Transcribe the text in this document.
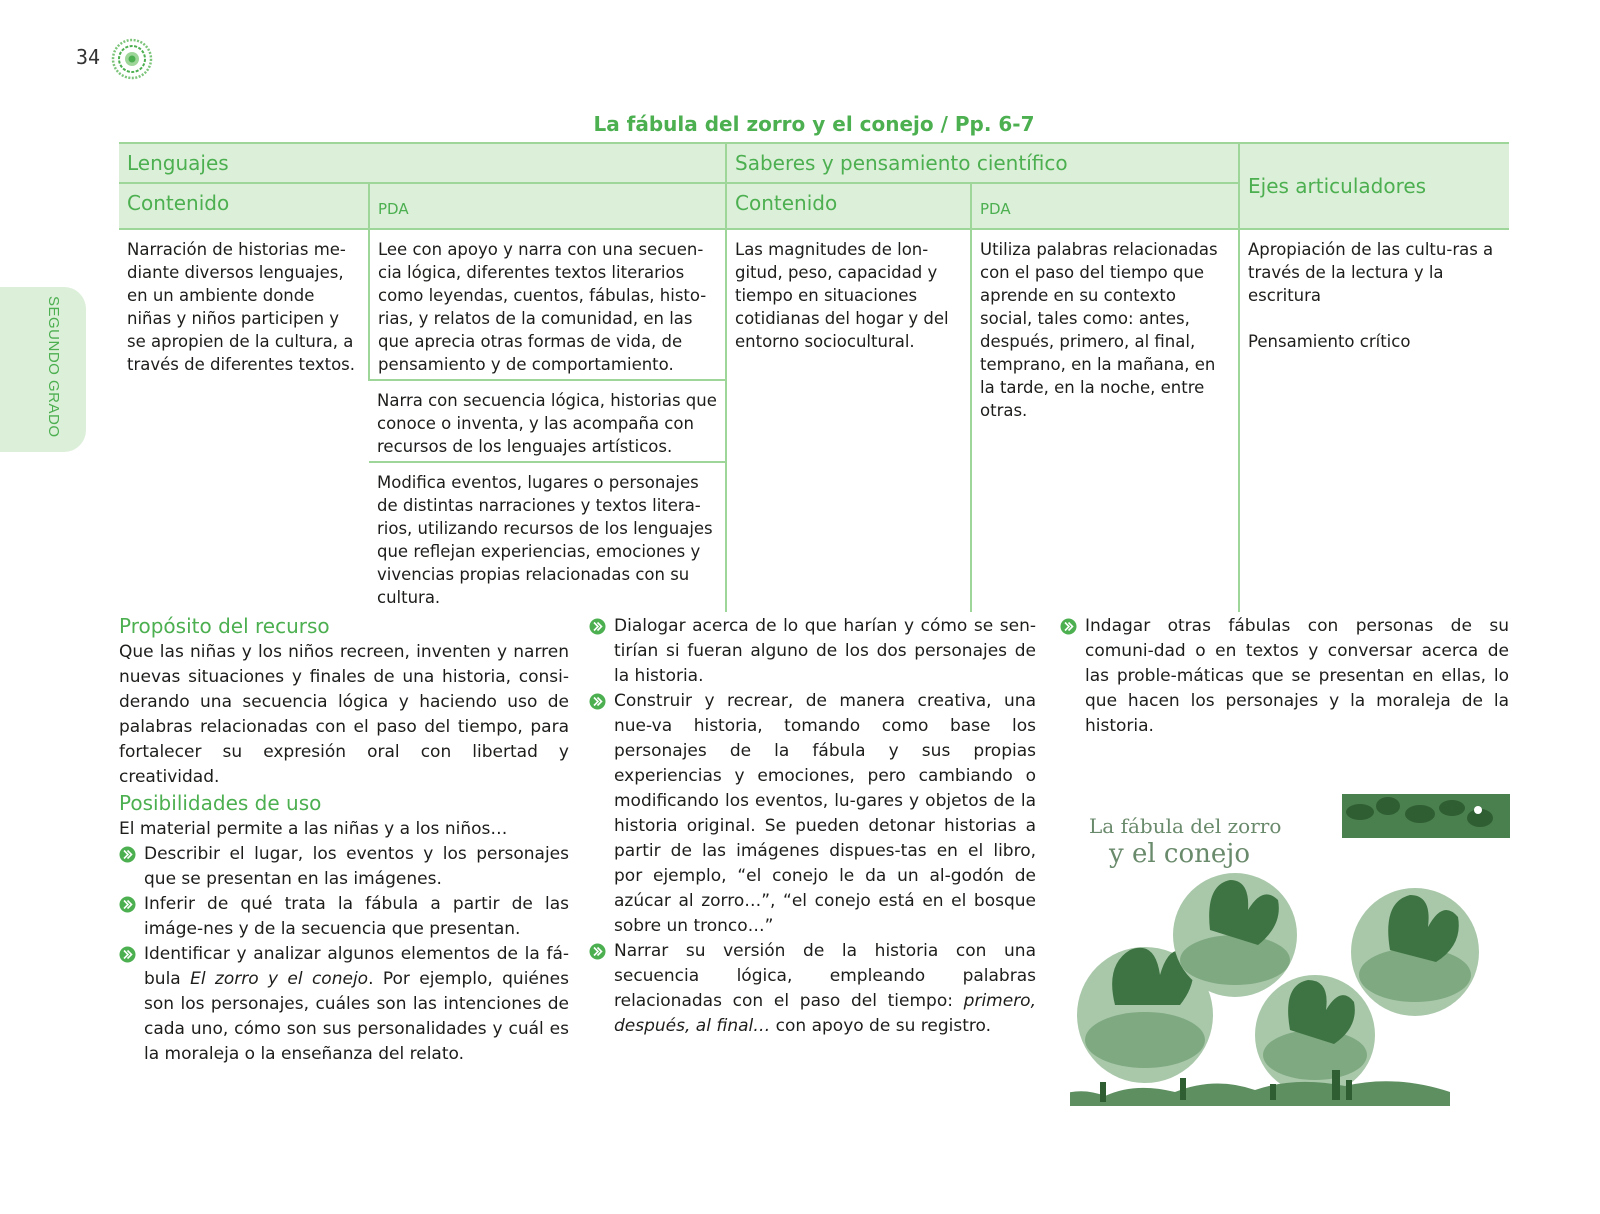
34
SEGUNDO GRADO
La fábula del zorro y el conejo / Pp. 6-7
Lenguajes		Saberes y pensamiento científico		Ejes articuladores
Contenido	PDA	Contenido	PDA	
Narración de historias me-diante diversos lenguajes, en un ambiente donde niñas y niños participen y se apropien de la cultura, a través de diferentes textos.	Lee con apoyo y narra con una secuen-cia lógica, diferentes textos literarios como leyendas, cuentos, fábulas, histo-rias, y relatos de la comunidad, en las que aprecia otras formas de vida, de pensamiento y de comportamiento.	Las magnitudes de lon-gitud, peso, capacidad y tiempo en situaciones cotidianas del hogar y del entorno sociocultural.	Utiliza palabras relacionadas con el paso del tiempo que aprende en su contexto social, tales como: antes, después, primero, al final, temprano, en la mañana, en la tarde, en la noche, entre otras.	Apropiación de las cultu-ras a través de la lectura y la escritura
Pensamiento crítico

	Narra con secuencia lógica, historias que conoce o inventa, y las acompaña con recursos de los lenguajes artísticos.			
	Modifica eventos, lugares o personajes de distintas narraciones y textos litera-rios, utilizando recursos de los lenguajes que reflejan experiencias, emociones y vivencias propias relacionadas con su cultura.			
Propósito del recurso
Que las niñas y los niños recreen, inventen y narren nuevas situaciones y finales de una historia, consi-derando una secuencia lógica y haciendo uso de palabras relacionadas con el paso del tiempo, para fortalecer su expresión oral con libertad y creatividad.
Posibilidades de uso
El material permite a las niñas y a los niños…
Describir el lugar, los eventos y los personajes que se presentan en las imágenes.
Inferir de qué trata la fábula a partir de las imáge-nes y de la secuencia que presentan.
Identificar y analizar algunos elementos de la fá-bula El zorro y el conejo. Por ejemplo, quiénes son los personajes, cuáles son las intenciones de cada uno, cómo son sus personalidades y cuál es la moraleja o la enseñanza del relato.
Dialogar acerca de lo que harían y cómo se sen-tirían si fueran alguno de los dos personajes de la historia.
Construir y recrear, de manera creativa, una nue-va historia, tomando como base los personajes de la fábula y sus propias experiencias y emociones, pero cambiando o modificando los eventos, lu-gares y objetos de la historia original. Se pueden detonar historias a partir de las imágenes dispues-tas en el libro, por ejemplo, “el conejo le da un al-godón de azúcar al zorro…”, “el conejo está en el bosque sobre un tronco…”
Narrar su versión de la historia con una secuencia lógica, empleando palabras relacionadas con el paso del tiempo: primero, después, al final… con apoyo de su registro.
Indagar otras fábulas con personas de su comuni-dad o en textos y conversar acerca de las proble-máticas que se presentan en ellas, lo que hacen los personajes y la moraleja de la historia.
La fábula del zorro
y el conejo
